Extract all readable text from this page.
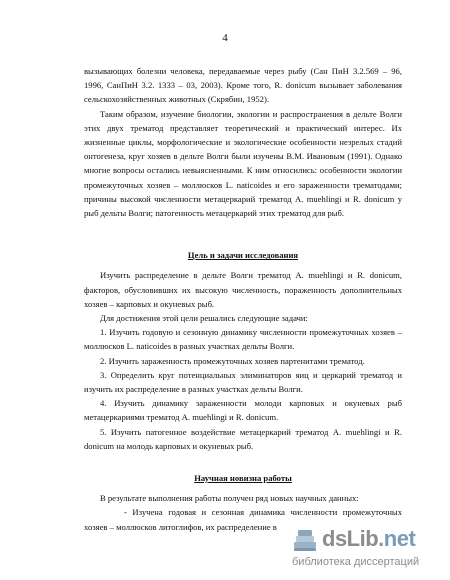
4

вызывающих болезни человека, передаваемые через рыбу (Сан ПиН 3.2.569 – 96, 1996, СанПиН 3.2. 1333 – 03, 2003). Кроме того, R. donicum вызывает заболевания сельскохозяйственных животных (Скрябин, 1952).

Таким образом, изучение биологии, экологии и распространения в дельте Волги этих двух трематод представляет теоретический и практический интерес. Их жизненные циклы, морфологические и экологические особенности незрелых стадий онтогенеза, круг хозяев в дельте Волги были изучены В.М. Ивановым (1991). Однако многие вопросы остались невыясненными. К ним относились: особенности экологии промежуточных хозяев – моллюсков L. naticoides и его зараженности трематодами; причины высокой численности метацеркарий трематод A. muehlingi и R. donicum у рыб дельты Волги; патогенность метацеркарий этих трематод для рыб.

Цель и задачи исследования

Изучить распределение в дельте Волги трематод A. muehlingi и R. donicum, факторов, обусловивших их высокую численность, пораженность дополнительных хозяев – карповых и окуневых рыб.

Для достижения этой цели решались следующие задачи:

1. Изучить годовую и сезонную динамику численности промежуточных хозяев – моллюсков L. naticoides в разных участках дельты Волги.

2. Изучить зараженность промежуточных хозяев партенитами трематод.

3. Определить круг потенциальных элиминаторов яиц и церкарий трематод и изучить их распределение в разных участках дельты Волги.

4. Изучить динамику зараженности молоди карповых и окуневых рыб метацеркариями трематод A. muehlingi и R. donicum.

5. Изучить патогенное воздействие метацеркарий трематод A. muehlingi и R. donicum на молодь карповых и окуневых рыб.

Научная новизна работы

В результате выполнения работы получен ряд новых научных данных:

- Изучена годовая и сезонная динамика численности промежуточных хозяев – моллюсков литоглифов, их распределение в	dsLib.net
библиотека диссертаций
